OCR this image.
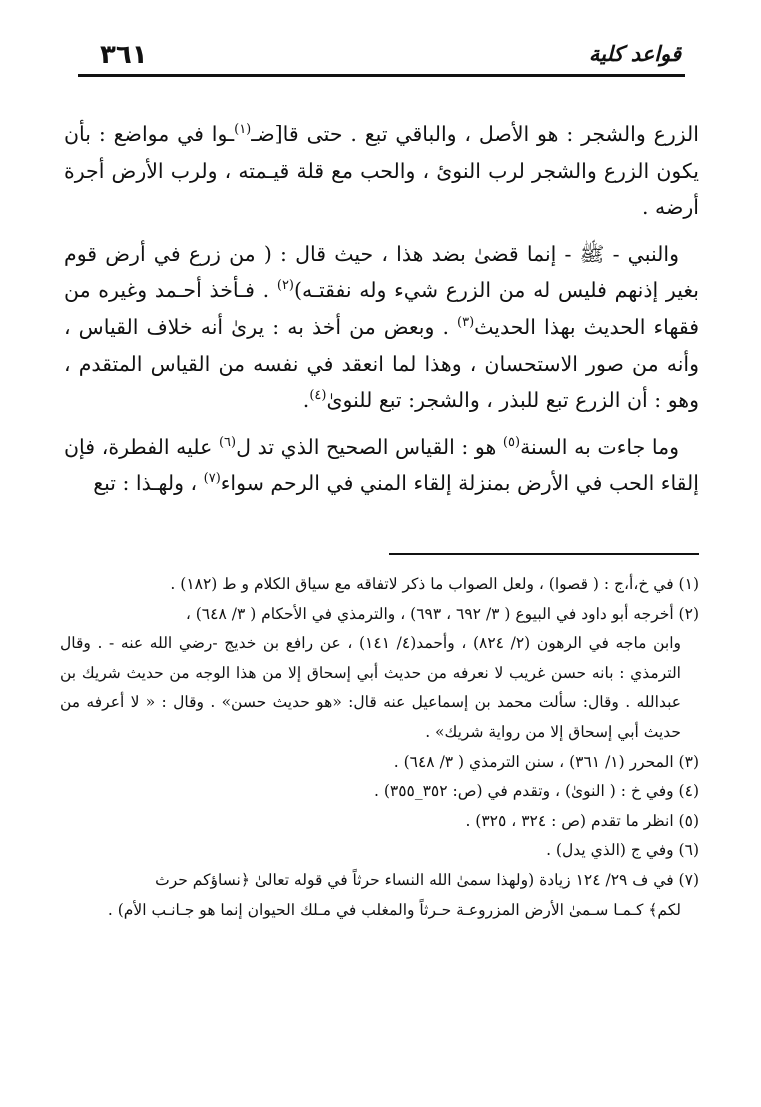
قواعد كلية
٣٦١

الزرع والشجر : هو الأصل ، والباقي تبع . حتى قا[ضـ$^{(١)}$ـوا في مواضع : بأن يكون الزرع والشجر لرب النوئ ، والحب مع قلة قيـمته ، ولرب الأرض أجرة أرضه .

والنبي - ﷺ - إنما قضىٰ بضد هذا ، حيث قال : ( من زرع في أرض قوم بغير إذنهم فليس له من الزرع شيء وله نفقتـه)$^{(٢)}$ . فـأخذ أحـمد وغيره من فقهاء الحديث بهذا الحديث$^{(٣)}$ . وبعض من أخذ به : يرىٰ أنه خلاف القياس ، وأنه من صور الاستحسان ، وهذا لما انعقد في نفسه من القياس المتقدم ، وهو : أن الزرع تبع للبذر ، والشجر: تبع للنوىٰ$^{(٤)}$.

وما جاءت به السنة$^{(٥)}$ هو : القياس الصحيح الذي تد ل$^{(٦)}$ عليه الفطرة، فإن إلقاء الحب في الأرض بمنزلة إلقاء المني في الرحم سواء$^{(٧)}$ ، ولهـذا : تبع

(١) في خ،أ،ج : ( قصوا) ، ولعل الصواب ما ذكر لاتفاقه مع سياق الكلام و ط (١٨٢) .

(٢) أخرجه أبو داود في البيوع ( ٣/ ٦٩٢ ، ٦٩٣) ، والترمذي في الأحكام ( ٣/ ٦٤٨) ،
وابن ماجه في الرهون (٢/ ٨٢٤) ، وأحمد(٤/ ١٤١) ، عن رافع بن خديج -رضي الله عنه - . وقال الترمذي : بانه حسن غريب لا نعرفه من حديث أبي إسحاق إلا من هذا الوجه من حديث شريك بن عبدالله . وقال: سألت محمد بن إسماعيل عنه قال: «هو حديث حسن» . وقال : « لا أعرفه من حديث أبي إسحاق إلا من رواية شريك» .

(٣) المحرر (١/ ٣٦١) ، سنن الترمذي ( ٣/ ٦٤٨) .

(٤) وفي خ : ( النوىٰ) ، وتقدم في (ص: ٣٥٢_٣٥٥) .

(٥) انظر ما تقدم (ص : ٣٢٤ ، ٣٢٥) .

(٦) وفي ج (الذي يدل) .

(٧) في ف ٢٩/ ١٢٤ زيادة (ولهذا سمىٰ الله النساء حرثاً في قوله تعالىٰ ﴿نساؤكم حرث
لكم﴾ كـمـا سـمىٰ الأرض المزروعـة حـرثاً والمغلب في مـلك الحيوان إنما هو جـانـب الأم) .
